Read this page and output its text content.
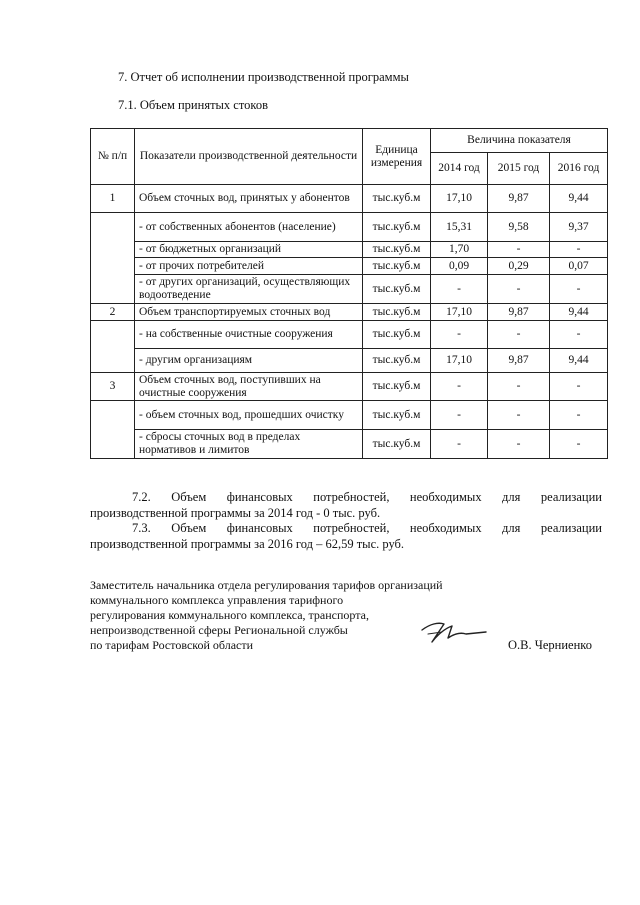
7. Отчет об исполнении производственной программы
7.1. Объем принятых стоков
№ п/п	Показатели производственной деятельности	Единица измерения	Величина показателя		
			2014 год	2015 год	2016 год
1	Объем сточных вод, принятых у абонентов	тыс.куб.м	17,10	9,87	9,44
	- от собственных абонентов (население)	тыс.куб.м	15,31	9,58	9,37
	- от бюджетных организаций	тыс.куб.м	1,70	-	-
	- от прочих потребителей	тыс.куб.м	0,09	0,29	0,07
	- от других организаций, осуществляющих водоотведение	тыс.куб.м	-	-	-
2	Объем транспортируемых сточных вод	тыс.куб.м	17,10	9,87	9,44
	- на собственные очистные сооружения	тыс.куб.м	-	-	-
	- другим организациям	тыс.куб.м	17,10	9,87	9,44
3	Объем сточных вод, поступивших на очистные сооружения	тыс.куб.м	-	-	-
	- объем сточных вод, прошедших очистку	тыс.куб.м	-	-	-
	- сбросы сточных вод в пределах нормативов и лимитов	тыс.куб.м	-	-	-
7.2. Объем финансовых потребностей, необходимых для реализации
производственной программы за 2014 год - 0 тыс. руб.
7.3. Объем финансовых потребностей, необходимых для реализации
производственной программы за 2016 год – 62,59 тыс. руб.
Заместитель начальника отдела регулирования тарифов организаций
коммунального комплекса управления тарифного
регулирования коммунального комплекса, транспорта,
непроизводственной сферы Региональной службы
по тарифам Ростовской области	О.В. Черниенко
